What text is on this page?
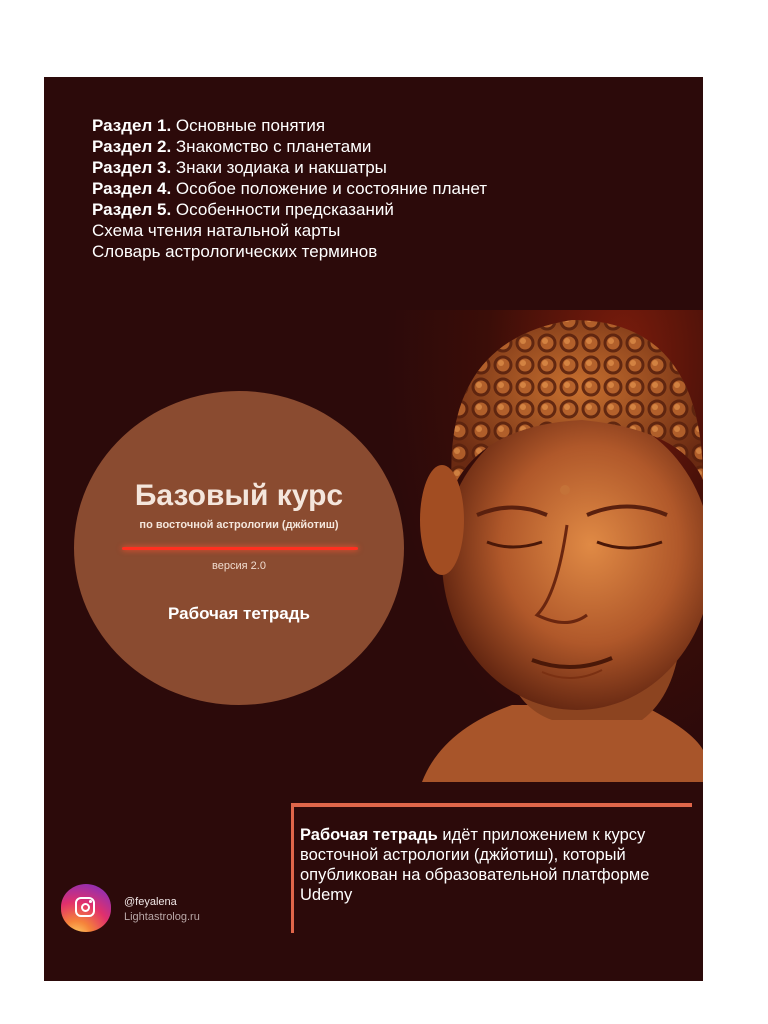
Раздел 1. Основные понятия
Раздел 2. Знакомство с планетами
Раздел 3. Знаки зодиака и накшатры
Раздел 4. Особое положение и состояние планет
Раздел 5. Особенности предсказаний
Схема чтения натальной карты
Словарь астрологических терминов
Базовый курс
по восточной астрологии (джйотиш)
версия 2.0
Рабочая тетрадь
Рабочая тетрадь идёт приложением к курсу восточной астрологии (джйотиш), который опубликован на образовательной платформе Udemy
@feyalena
Lightastrolog.ru
